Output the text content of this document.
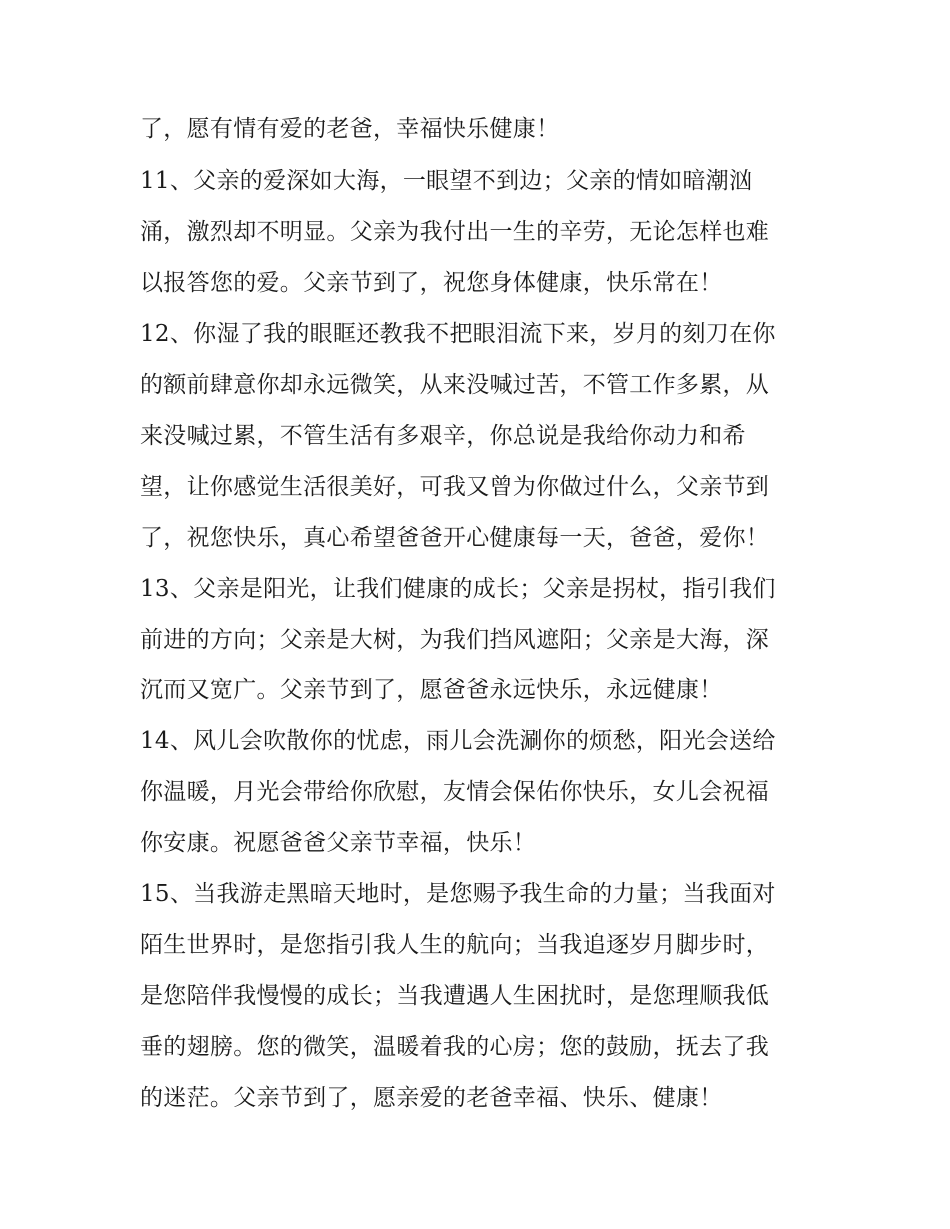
了，愿有情有爱的老爸，幸福快乐健康！
11、父亲的爱深如大海，一眼望不到边；父亲的情如暗潮汹
涌，激烈却不明显。父亲为我付出一生的辛劳，无论怎样也难
以报答您的爱。父亲节到了，祝您身体健康，快乐常在！
12、你湿了我的眼眶还教我不把眼泪流下来，岁月的刻刀在你
的额前肆意你却永远微笑，从来没喊过苦，不管工作多累，从
来没喊过累，不管生活有多艰辛，你总说是我给你动力和希
望，让你感觉生活很美好，可我又曾为你做过什么，父亲节到
了，祝您快乐，真心希望爸爸开心健康每一天，爸爸，爱你！
13、父亲是阳光，让我们健康的成长；父亲是拐杖，指引我们
前进的方向；父亲是大树，为我们挡风遮阳；父亲是大海，深
沉而又宽广。父亲节到了，愿爸爸永远快乐，永远健康！
14、风儿会吹散你的忧虑，雨儿会洗涮你的烦愁，阳光会送给
你温暖，月光会带给你欣慰，友情会保佑你快乐，女儿会祝福
你安康。祝愿爸爸父亲节幸福，快乐！
15、当我游走黑暗天地时，是您赐予我生命的力量；当我面对
陌生世界时，是您指引我人生的航向；当我追逐岁月脚步时，
是您陪伴我慢慢的成长；当我遭遇人生困扰时，是您理顺我低
垂的翅膀。您的微笑，温暖着我的心房；您的鼓励，抚去了我
的迷茫。父亲节到了，愿亲爱的老爸幸福、快乐、健康！
